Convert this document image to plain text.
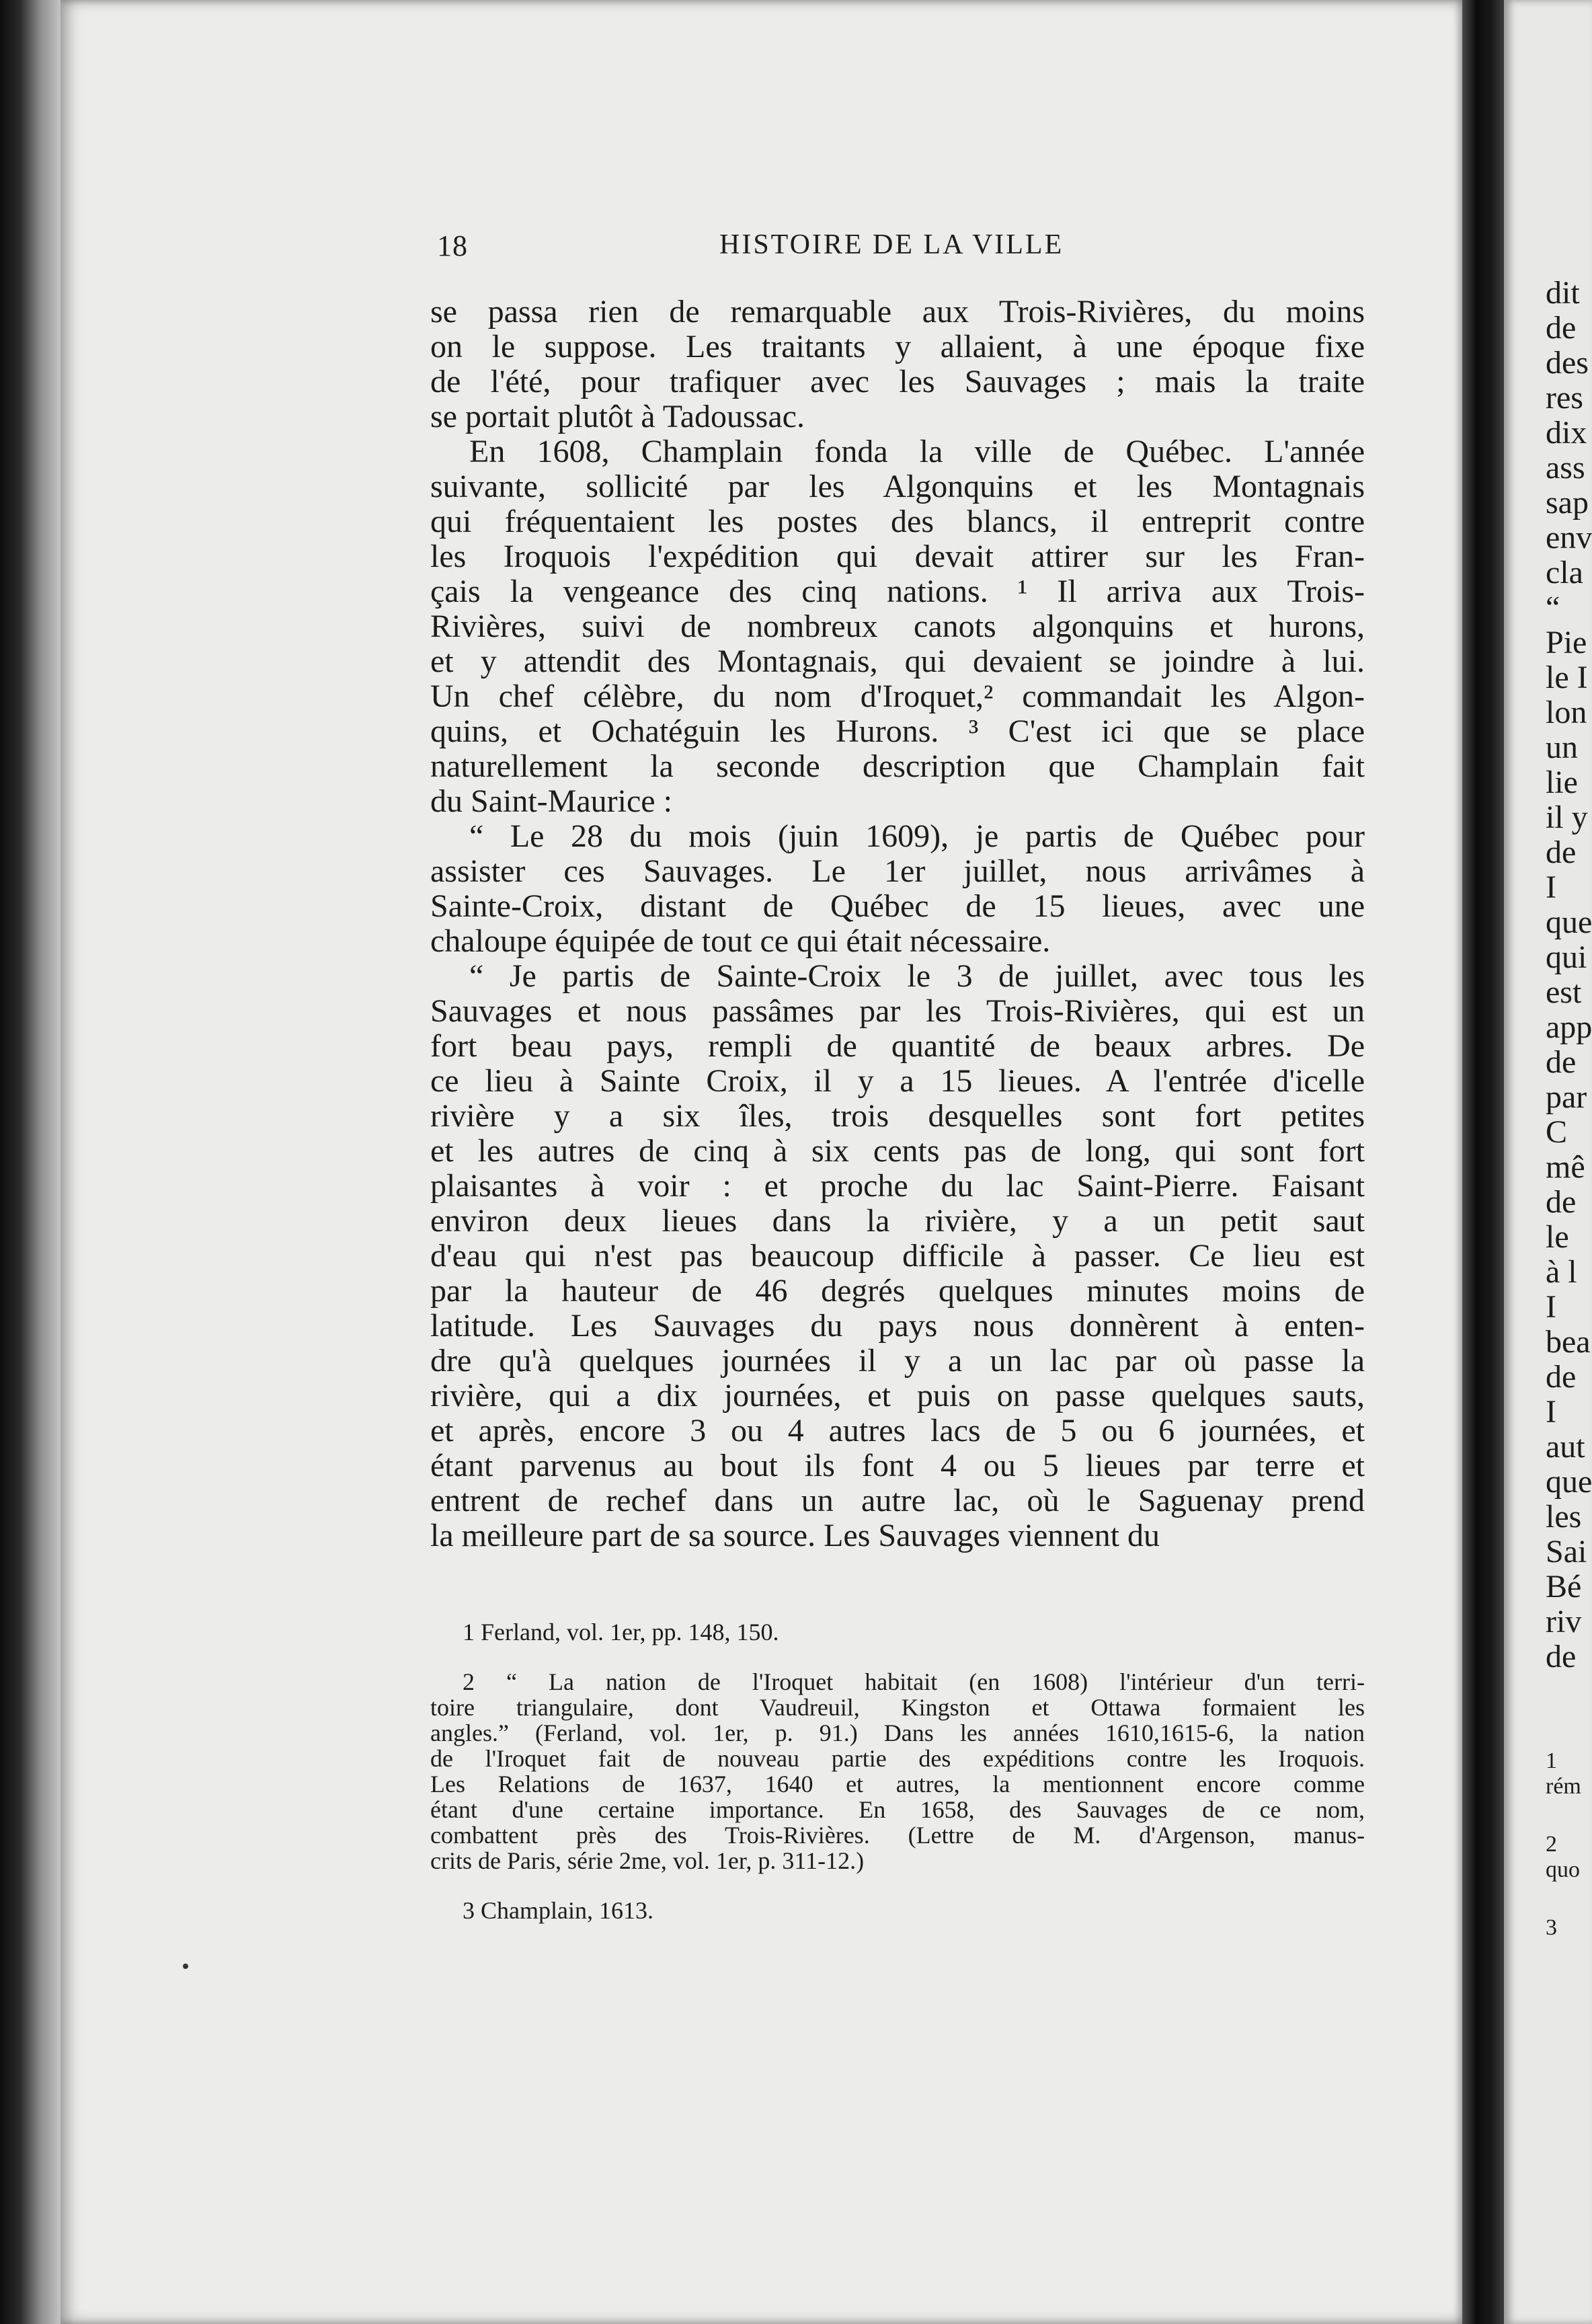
18	HISTOIRE DE LA VILLE
se passa rien de remarquable aux Trois-Rivières, du moins
on le suppose. Les traitants y allaient, à une époque fixe
de l'été, pour trafiquer avec les Sauvages ; mais la traite
se portait plutôt à Tadoussac.
En 1608, Champlain fonda la ville de Québec. L'année
suivante, sollicité par les Algonquins et les Montagnais
qui fréquentaient les postes des blancs, il entreprit contre
les Iroquois l'expédition qui devait attirer sur les Fran-
çais la vengeance des cinq nations. ¹ Il arriva aux Trois-
Rivières, suivi de nombreux canots algonquins et hurons,
et y attendit des Montagnais, qui devaient se joindre à lui.
Un chef célèbre, du nom d'Iroquet,² commandait les Algon-
quins, et Ochatéguin les Hurons. ³ C'est ici que se place
naturellement la seconde description que Champlain fait
du Saint-Maurice :
“ Le 28 du mois (juin 1609), je partis de Québec pour
assister ces Sauvages. Le 1er juillet, nous arrivâmes à
Sainte-Croix, distant de Québec de 15 lieues, avec une
chaloupe équipée de tout ce qui était nécessaire.
“ Je partis de Sainte-Croix le 3 de juillet, avec tous les
Sauvages et nous passâmes par les Trois-Rivières, qui est un
fort beau pays, rempli de quantité de beaux arbres. De
ce lieu à Sainte Croix, il y a 15 lieues. A l'entrée d'icelle
rivière y a six îles, trois desquelles sont fort petites
et les autres de cinq à six cents pas de long, qui sont fort
plaisantes à voir : et proche du lac Saint-Pierre. Faisant
environ deux lieues dans la rivière, y a un petit saut
d'eau qui n'est pas beaucoup difficile à passer. Ce lieu est
par la hauteur de 46 degrés quelques minutes moins de
latitude. Les Sauvages du pays nous donnèrent à enten-
dre qu'à quelques journées il y a un lac par où passe la
rivière, qui a dix journées, et puis on passe quelques sauts,
et après, encore 3 ou 4 autres lacs de 5 ou 6 journées, et
étant parvenus au bout ils font 4 ou 5 lieues par terre et
entrent de rechef dans un autre lac, où le Saguenay prend
la meilleure part de sa source. Les Sauvages viennent du
1 Ferland, vol. 1er, pp. 148, 150.
2 “ La nation de l'Iroquet habitait (en 1608) l'intérieur d'un terri-
toire triangulaire, dont Vaudreuil, Kingston et Ottawa formaient les
angles.” (Ferland, vol. 1er, p. 91.) Dans les années 1610,1615-6, la nation
de l'Iroquet fait de nouveau partie des expéditions contre les Iroquois.
Les Relations de 1637, 1640 et autres, la mentionnent encore comme
étant d'une certaine importance. En 1658, des Sauvages de ce nom,
combattent près des Trois-Rivières. (Lettre de M. d'Argenson, manus-
crits de Paris, série 2me, vol. 1er, p. 311-12.)
3 Champlain, 1613.
dit
de
des
res
dix
ass
sap
env
cla
“
Pie
le I
lon
un
lie
il y
de
I
que
qui
est
app
de
par
C
mê
de
le
à l
I
bea
de
I
aut
que
les
Sai
Bé
riv
de
1
rém
2
quo
3
